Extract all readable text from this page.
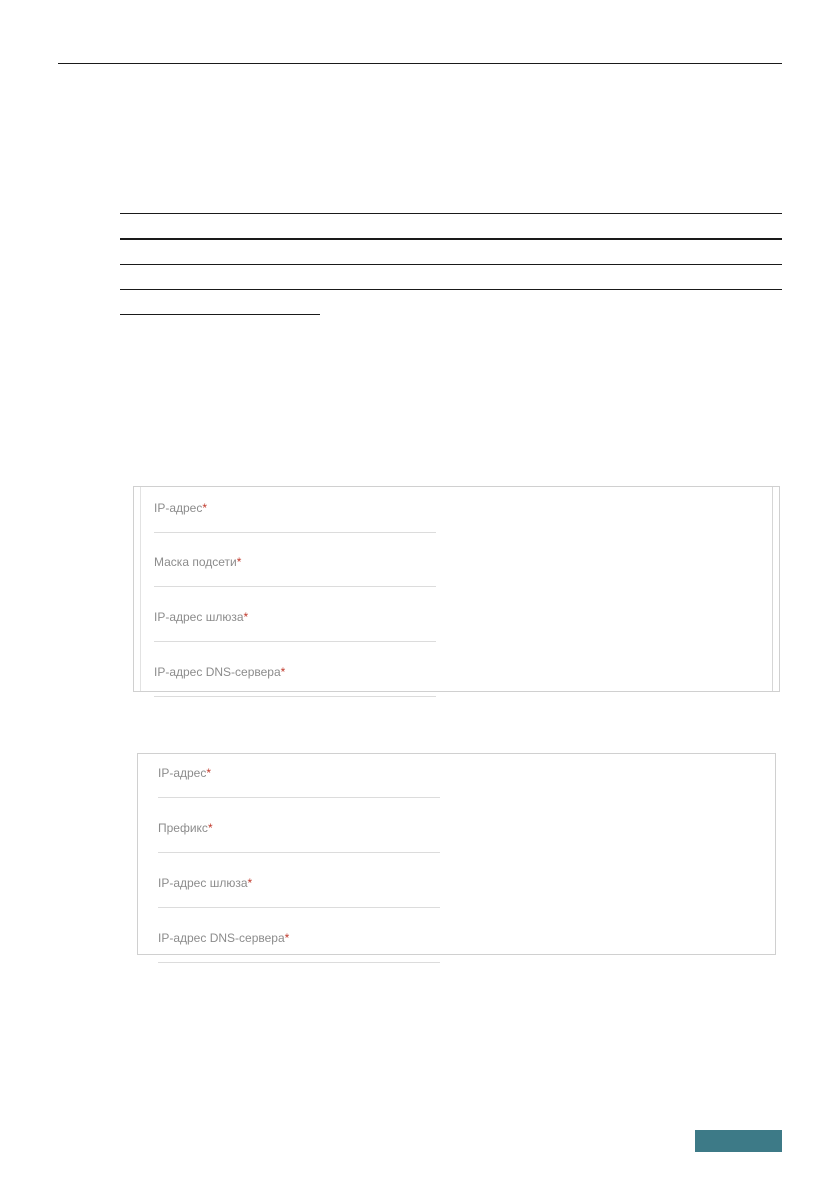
IP-адрес*
Маска подсети*
IP-адрес шлюза*
IP-адрес DNS-сервера*
IP-адрес*
Префикс*
IP-адрес шлюза*
IP-адрес DNS-сервера*
